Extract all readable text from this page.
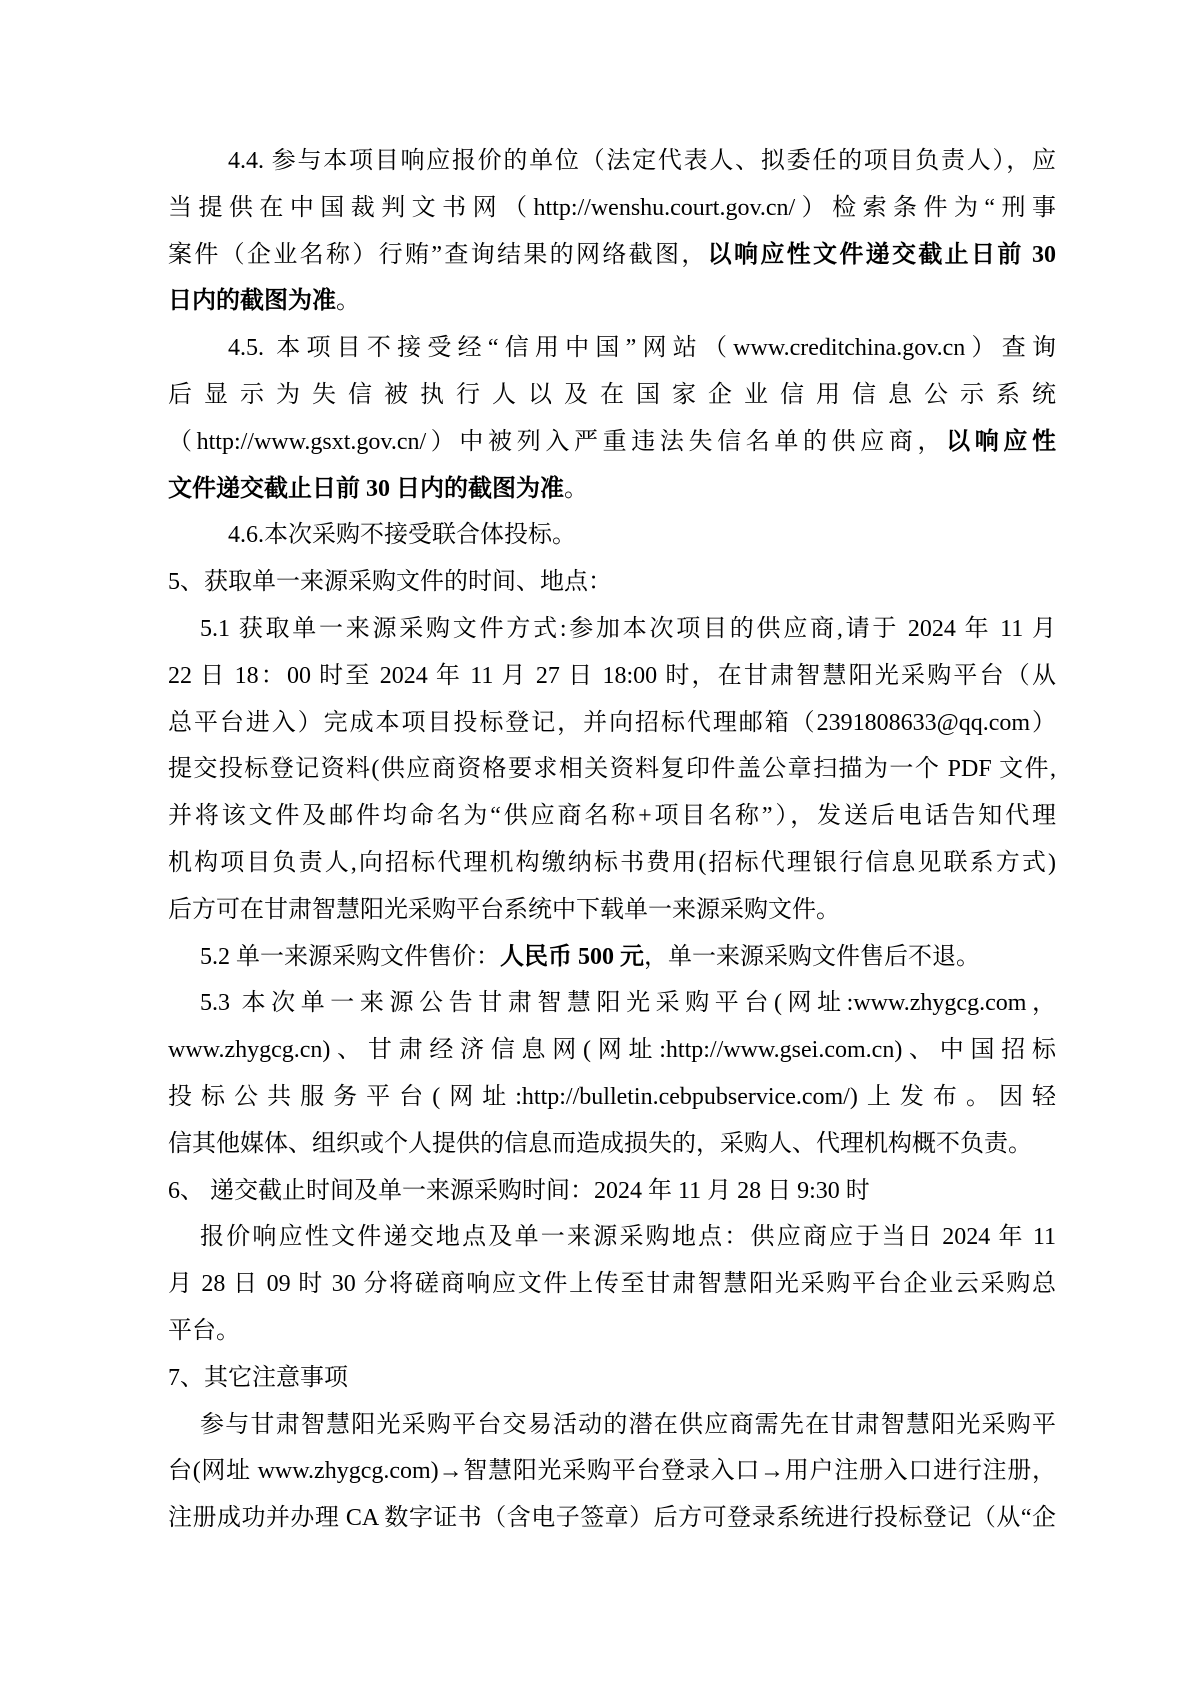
4.4. 参与本项目响应报价的单位（法定代表人、拟委任的项目负责人），应
当提供在中国裁判文书网（http://wenshu.court.gov.cn/）检索条件为“刑事
案件（企业名称）行贿”查询结果的网络截图，以响应性文件递交截止日前 30
日内的截图为准。
4.5. 本项目不接受经“信用中国”网站（www.creditchina.gov.cn）查询
后显示为失信被执行人以及在国家企业信用信息公示系统
（http://www.gsxt.gov.cn/）中被列入严重违法失信名单的供应商，以响应性
文件递交截止日前 30 日内的截图为准。
4.6.本次采购不接受联合体投标。
5、获取单一来源采购文件的时间、地点：
5.1 获取单一来源采购文件方式:参加本次项目的供应商,请于 2024 年 11 月
22 日 18：00 时至 2024 年 11 月 27 日 18:00 时，在甘肃智慧阳光采购平台（从
总平台进入）完成本项目投标登记，并向招标代理邮箱（2391808633@qq.com）
提交投标登记资料(供应商资格要求相关资料复印件盖公章扫描为一个 PDF 文件,
并将该文件及邮件均命名为“供应商名称+项目名称”），发送后电话告知代理
机构项目负责人,向招标代理机构缴纳标书费用(招标代理银行信息见联系方式)
后方可在甘肃智慧阳光采购平台系统中下载单一来源采购文件。
5.2 单一来源采购文件售价：人民币 500 元，单一来源采购文件售后不退。
5.3 本次单一来源公告甘肃智慧阳光采购平台(网址:www.zhygcg.com，
www.zhygcg.cn)、甘肃经济信息网(网址:http://www.gsei.com.cn)、中国招标
投标公共服务平台(网址:http://bulletin.cebpubservice.com/)上发布。因轻
信其他媒体、组织或个人提供的信息而造成损失的，采购人、代理机构概不负责。
6、 递交截止时间及单一来源采购时间：2024 年 11 月 28 日 9:30 时
报价响应性文件递交地点及单一来源采购地点：供应商应于当日 2024 年 11
月 28 日 09 时 30 分将磋商响应文件上传至甘肃智慧阳光采购平台企业云采购总
平台。
7、其它注意事项
参与甘肃智慧阳光采购平台交易活动的潜在供应商需先在甘肃智慧阳光采购平
台(网址 www.zhygcg.com)→智慧阳光采购平台登录入口→用户注册入口进行注册，
注册成功并办理 CA 数字证书（含电子签章）后方可登录系统进行投标登记（从“企
